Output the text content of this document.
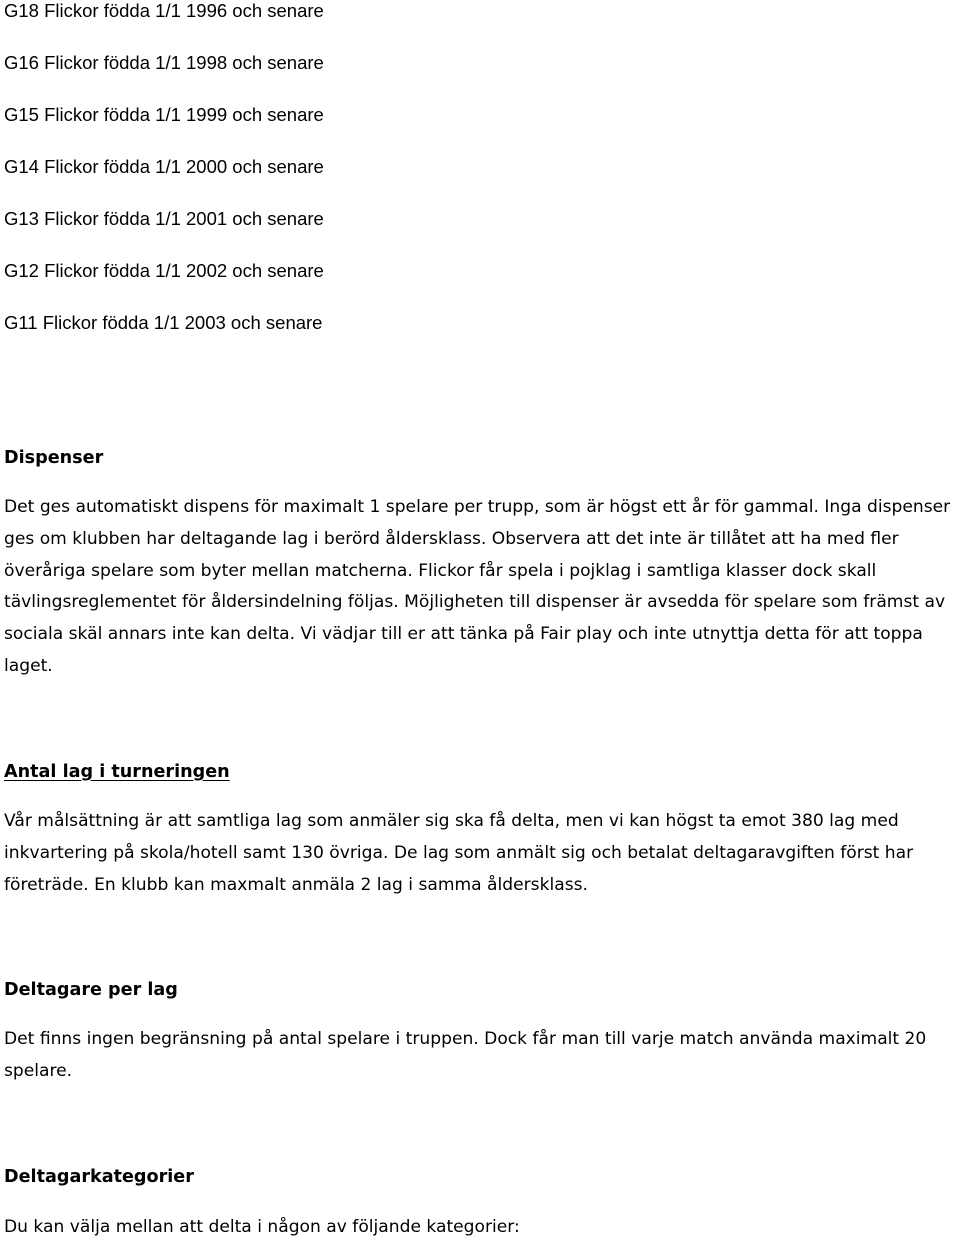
G18 Flickor födda 1/1 1996 och senare
G16 Flickor födda 1/1 1998 och senare
G15 Flickor födda 1/1 1999 och senare
G14 Flickor födda 1/1 2000 och senare
G13 Flickor födda 1/1 2001 och senare
G12 Flickor födda 1/1 2002 och senare
G11 Flickor födda 1/1 2003 och senare
Dispenser
Det ges automatiskt dispens för maximalt 1 spelare per trupp, som är högst ett år för gammal. Inga dispenser ges om klubben har deltagande lag i berörd åldersklass. Observera att det inte är tillåtet att ha med fler överåriga spelare som byter mellan matcherna. Flickor får spela i pojklag i samtliga klasser dock skall tävlingsreglementet för åldersindelning följas. Möjligheten till dispenser är avsedda för spelare som främst av sociala skäl annars inte kan delta. Vi vädjar till er att tänka på Fair play och inte utnyttja detta för att toppa laget.
Antal lag i turneringen
Vår målsättning är att samtliga lag som anmäler sig ska få delta, men vi kan högst ta emot 380 lag med inkvartering på skola/hotell samt 130 övriga. De lag som anmält sig och betalat deltagaravgiften först har företräde. En klubb kan maxmalt anmäla 2 lag i samma åldersklass.
Deltagare per lag
Det finns ingen begränsning på antal spelare i truppen. Dock får man till varje match använda maximalt 20 spelare.
Deltagarkategorier
Du kan välja mellan att delta i någon av följande kategorier:
